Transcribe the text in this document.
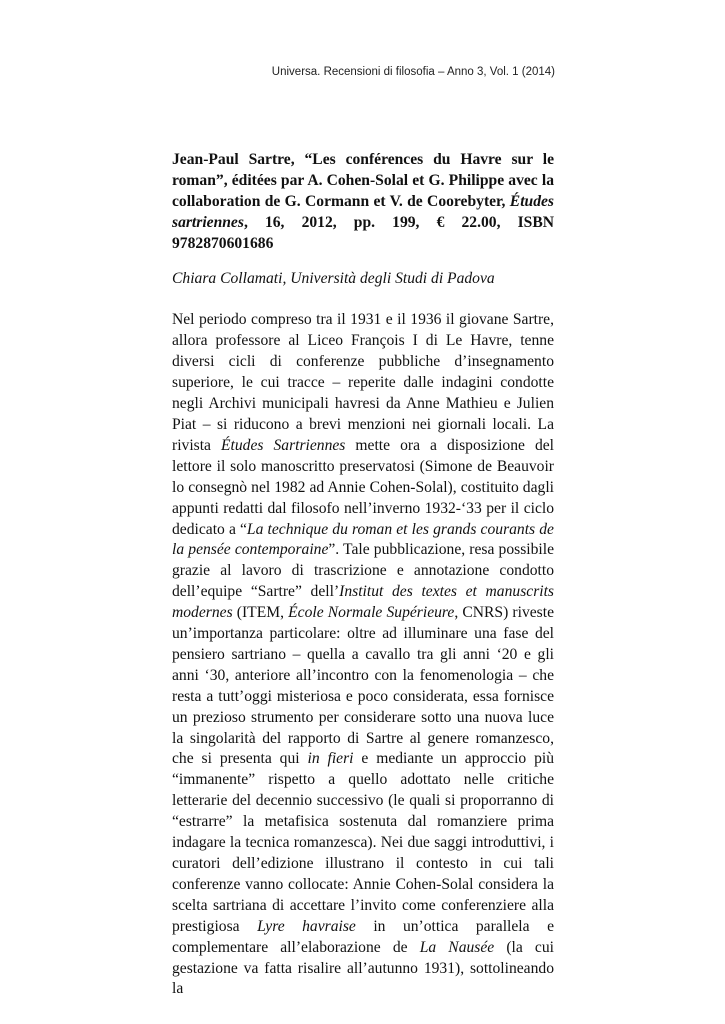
Universa. Recensioni di filosofia – Anno 3, Vol. 1 (2014)

Jean-Paul Sartre, “Les conférences du Havre sur le roman”, éditées par A. Cohen-Solal et G. Philippe avec la collaboration de G. Cormann et V. de Coorebyter, Études sartriennes, 16, 2012, pp. 199, € 22.00, ISBN 9782870601686

Chiara Collamati, Università degli Studi di Padova

Nel periodo compreso tra il 1931 e il 1936 il giovane Sartre, allora professore al Liceo François I di Le Havre, tenne diversi cicli di conferenze pubbliche d’insegnamento superiore, le cui tracce – reperite dalle indagini condotte negli Archivi municipali havresi da Anne Mathieu e Julien Piat – si riducono a brevi menzioni nei giornali locali. La rivista Études Sartriennes mette ora a disposizione del lettore il solo manoscritto preservatosi (Simone de Beauvoir lo consegnò nel 1982 ad Annie Cohen-Solal), costituito dagli appunti redatti dal filosofo nell’inverno 1932-‘33 per il ciclo dedicato a “La technique du roman et les grands courants de la pensée contemporaine”. Tale pubblicazione, resa possibile grazie al lavoro di trascrizione e annotazione condotto dell’equipe “Sartre” dell’Institut des textes et manuscrits modernes (ITEM, École Normale Supérieure, CNRS) riveste un’importanza particolare: oltre ad illuminare una fase del pensiero sartriano – quella a cavallo tra gli anni ‘20 e gli anni ‘30, anteriore all’incontro con la fenomenologia – che resta a tutt’oggi misteriosa e poco considerata, essa fornisce un prezioso strumento per considerare sotto una nuova luce la singolarità del rapporto di Sartre al genere romanzesco, che si presenta qui in fieri e mediante un approccio più “immanente” rispetto a quello adottato nelle critiche letterarie del decennio successivo (le quali si proporranno di “estrarre” la metafisica sostenuta dal romanziere prima indagare la tecnica romanzesca). Nei due saggi introduttivi, i curatori dell’edizione illustrano il contesto in cui tali conferenze vanno collocate: Annie Cohen-Solal considera la scelta sartriana di accettare l’invito come conferenziere alla prestigiosa Lyre havraise in un’ottica parallela e complementare all’elaborazione de La Nausée (la cui gestazione va fatta risalire all’autunno 1931), sottolineando la
